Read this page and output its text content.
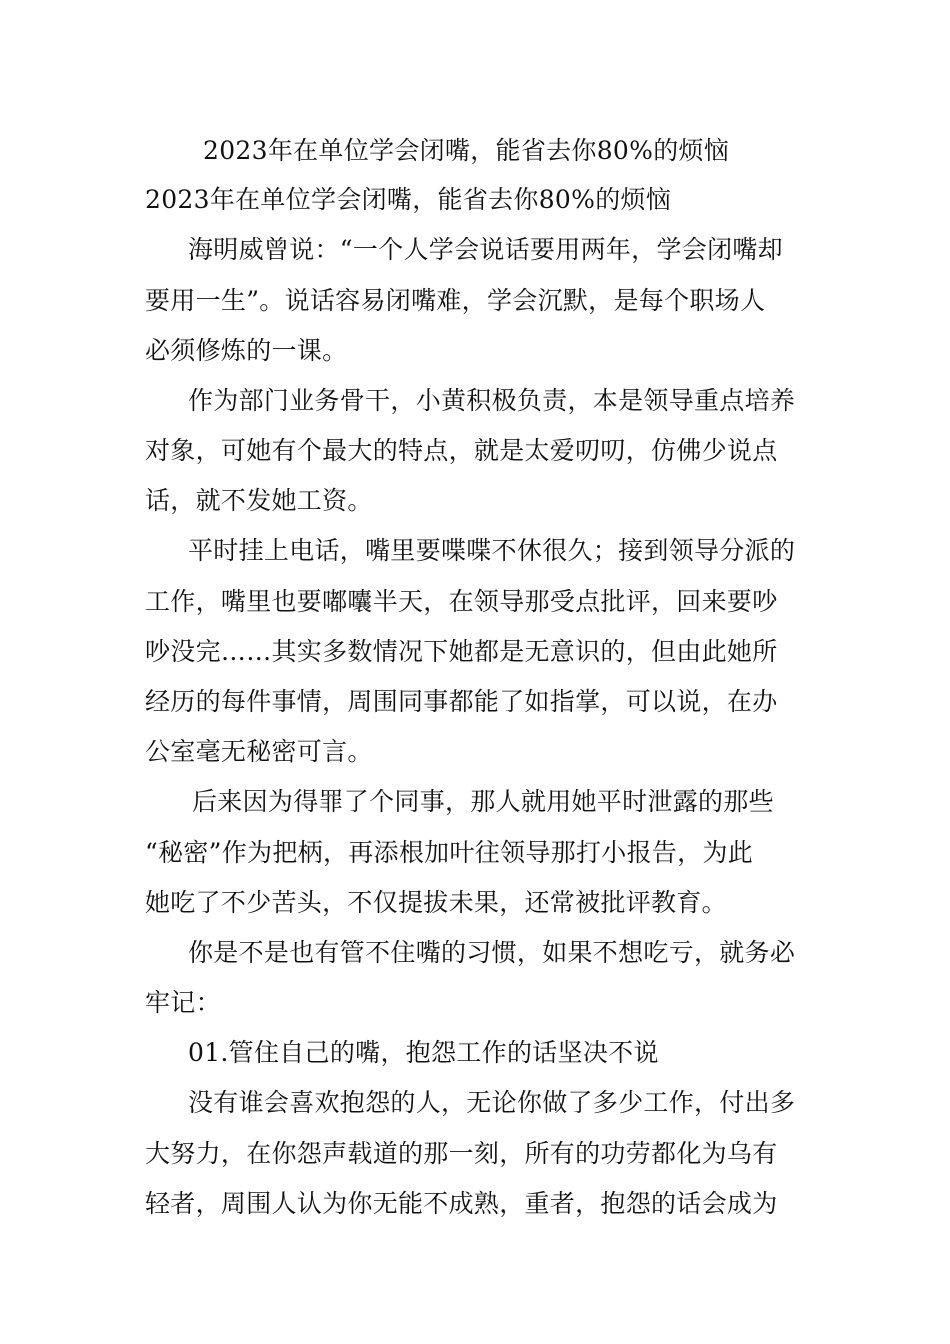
2023年在单位学会闭嘴，能省去你80%的烦恼
2023年在单位学会闭嘴，能省去你80%的烦恼
海明威曾说：“一个人学会说话要用两年，学会闭嘴却
要用一生”。说话容易闭嘴难，学会沉默，是每个职场人
必须修炼的一课。
作为部门业务骨干，小黄积极负责，本是领导重点培养
对象，可她有个最大的特点，就是太爱叨叨，仿佛少说点
话，就不发她工资。
平时挂上电话，嘴里要喋喋不休很久；接到领导分派的
工作，嘴里也要嘟囔半天，在领导那受点批评，回来要吵
吵没完……其实多数情况下她都是无意识的，但由此她所
经历的每件事情，周围同事都能了如指掌，可以说，在办
公室毫无秘密可言。
后来因为得罪了个同事，那人就用她平时泄露的那些
“秘密”作为把柄，再添根加叶往领导那打小报告，为此
她吃了不少苦头，不仅提拔未果，还常被批评教育。
你是不是也有管不住嘴的习惯，如果不想吃亏，就务必
牢记：
01.管住自己的嘴，抱怨工作的话坚决不说
没有谁会喜欢抱怨的人，无论你做了多少工作，付出多
大努力，在你怨声载道的那一刻，所有的功劳都化为乌有
轻者，周围人认为你无能不成熟，重者，抱怨的话会成为
